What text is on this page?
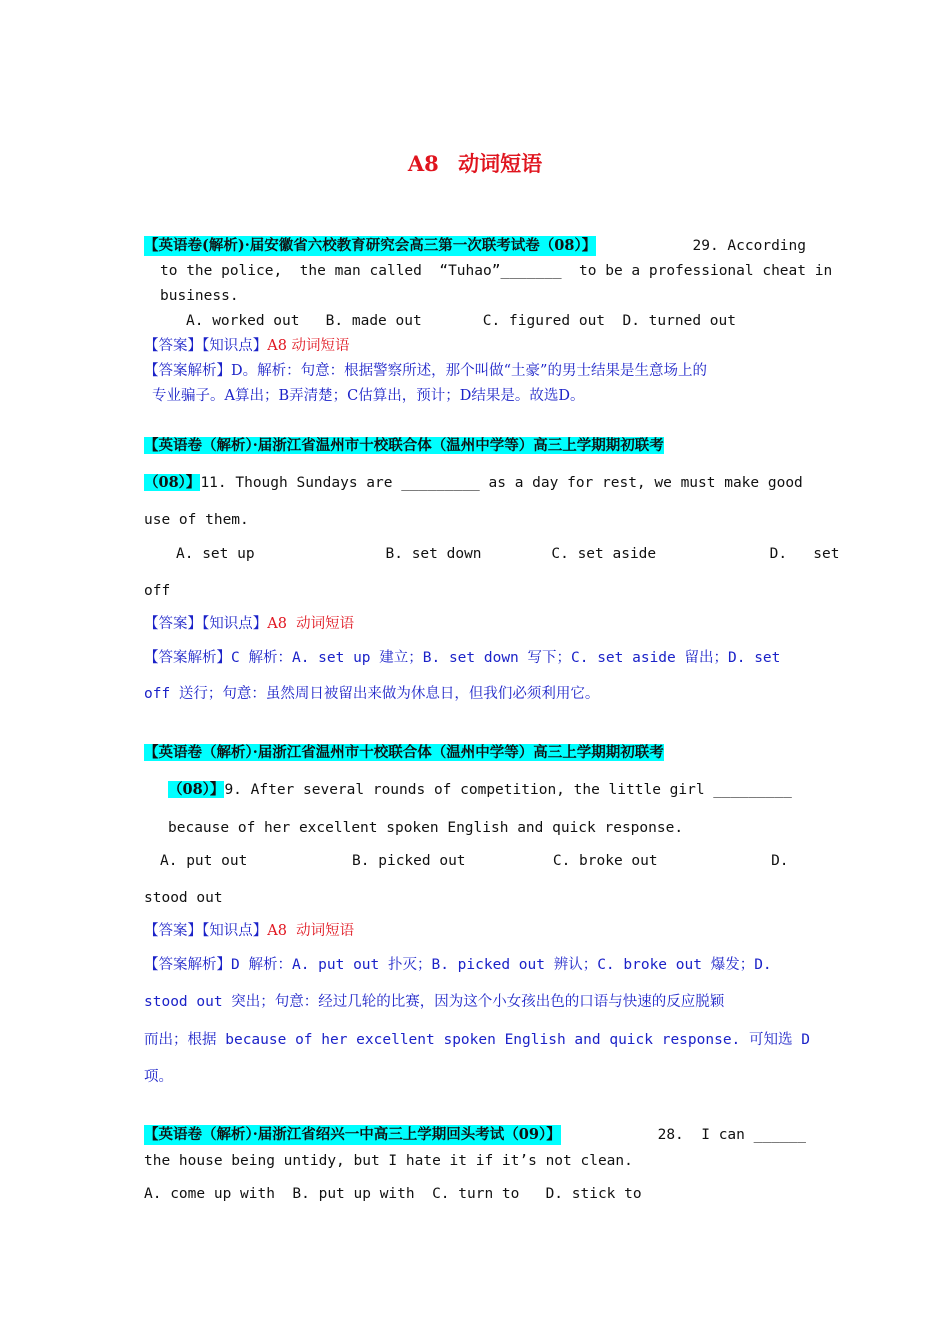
A8 动词短语
【英语卷(解析)·届安徽省六校教育研究会高三第一次联考试卷（08）】	29. According
to the police,  the man called  “Tuhao”_______  to be a professional cheat in
business.
A. worked out   B. made out       C. figured out  D. turned out
【答案】【知识点】A8 动词短语
【答案解析】D。解析：句意：根据警察所述，那个叫做“土豪”的男士结果是生意场上的
专业骗子。A算出；B弄清楚；C估算出，预计；D结果是。故选D。
【英语卷（解析）·届浙江省温州市十校联合体（温州中学等）高三上学期期初联考
（08）】11. Though Sundays are _________ as a day for rest, we must make good
use of them.
A. set up               B. set down        C. set aside             D.   set
off
【答案】【知识点】A8  动词短语
【答案解析】C 解析：A. set up 建立；B. set down 写下；C. set aside 留出；D. set
off 送行；句意：虽然周日被留出来做为休息日，但我们必须利用它。
【英语卷（解析）·届浙江省温州市十校联合体（温州中学等）高三上学期期初联考
（08）】9. After several rounds of competition, the little girl _________
because of her excellent spoken English and quick response.
A. put out            B. picked out          C. broke out             D.
stood out
【答案】【知识点】A8  动词短语
【答案解析】D 解析：A. put out 扑灭；B. picked out 辨认；C. broke out 爆发；D.
stood out 突出；句意：经过几轮的比赛，因为这个小女孩出色的口语与快速的反应脱颖
而出；根据 because of her excellent spoken English and quick response. 可知选 D
项。
【英语卷（解析）·届浙江省绍兴一中高三上学期回头考试（09）】	28.  I can ______
the house being untidy, but I hate it if it’s not clean.
A. come up with  B. put up with  C. turn to   D. stick to
